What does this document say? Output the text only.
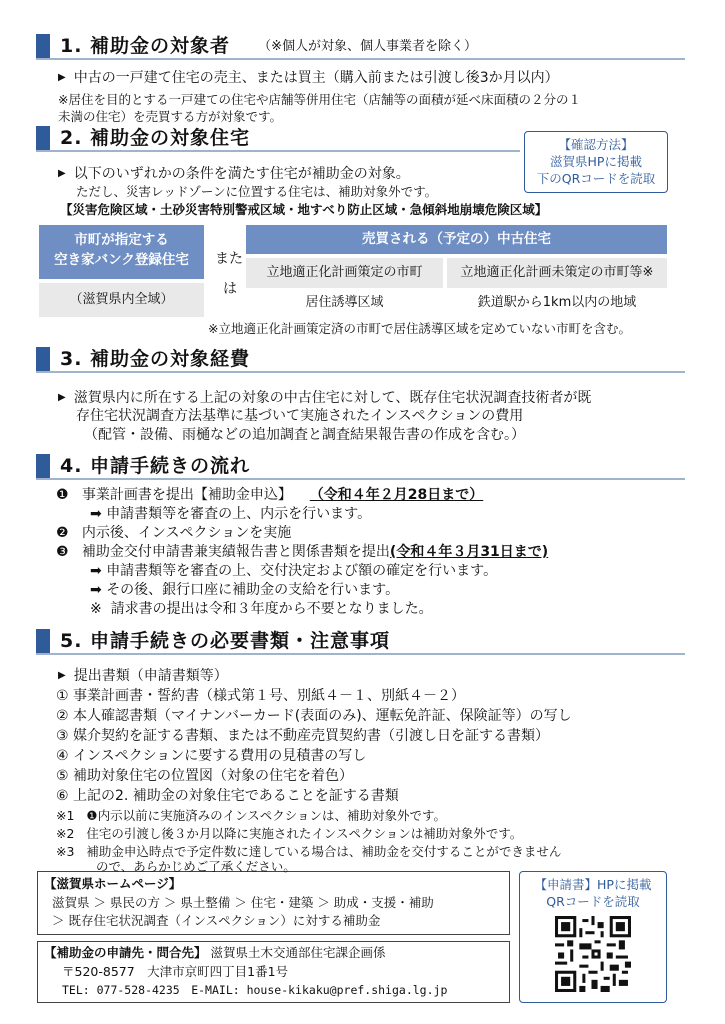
1. 補助金の対象者 （※個人が対象、個人事業者を除く）
▶ 中古の一戸建て住宅の売主、または買主（購入前または引渡し後3か月以内）
※居住を目的とする一戸建ての住宅や店舗等併用住宅（店舗等の面積が延べ床面積の２分の１
未満の住宅）を売買する方が対象です。
2. 補助金の対象住宅	【確認方法】
滋賀県HPに掲載
下のQRコードを読取
▶ 以下のいずれかの条件を満たす住宅が補助金の対象。
ただし、災害レッドゾーンに位置する住宅は、補助対象外です。
【災害危険区域・土砂災害特別警戒区域・地すべり防止区域・急傾斜地崩壊危険区域】
市町が指定する
空き家バンク登録住宅
（滋賀県内全域）
また
は
売買される（予定の）中古住宅
立地適正化計画策定の市町	立地適正化計画未策定の市町等※
居住誘導区域	鉄道駅から1km以内の地域
※立地適正化計画策定済の市町で居住誘導区域を定めていない市町を含む。
3. 補助金の対象経費
▶ 滋賀県内に所在する上記の対象の中古住宅に対して、既存住宅状況調査技術者が既
存住宅状況調査方法基準に基づいて実施されたインスペクションの費用
（配管・設備、雨樋などの追加調査と調査結果報告書の作成を含む。）
4. 申請手続きの流れ
❶ 事業計画書を提出【補助金申込】 （令和４年２月28日まで）
➡ 申請書類等を審査の上、内示を行います。
❷ 内示後、インスペクションを実施
❸ 補助金交付申請書兼実績報告書と関係書類を提出(令和４年３月31日まで)
➡ 申請書類等を審査の上、交付決定および額の確定を行います。
➡ その後、銀行口座に補助金の支給を行います。
※ 請求書の提出は令和３年度から不要となりました。
5. 申請手続きの必要書類・注意事項
▶ 提出書類（申請書類等）
① 事業計画書・誓約書（様式第１号、別紙４－１、別紙４－２）
② 本人確認書類（マイナンバーカード(表面のみ)、運転免許証、保険証等）の写し
③ 媒介契約を証する書類、または不動産売買契約書（引渡し日を証する書類）
④ インスペクションに要する費用の見積書の写し
⑤ 補助対象住宅の位置図（対象の住宅を着色）
⑥ 上記の2. 補助金の対象住宅であることを証する書類
※1 ❶内示以前に実施済みのインスペクションは、補助対象外です。
※2 住宅の引渡し後３か月以降に実施されたインスペクションは補助対象外です。
※3 補助金申込時点で予定件数に達している場合は、補助金を交付することができません
【滋賀県ホームページ】
滋賀県 ＞ 県民の方 ＞ 県土整備 ＞ 住宅・建築 ＞ 助成・支援・補助
＞ 既存住宅状況調査（インスペクション）に対する補助金
【補助金の申請先・問合先】 滋賀県土木交通部住宅課企画係
〒520-8577　大津市京町四丁目1番1号
TEL: 077-528-4235　E-MAIL: house-kikaku@pref.shiga.lg.jp
【申請書】HPに掲載
QRコードを読取
ので、あらかじめご了承ください。
